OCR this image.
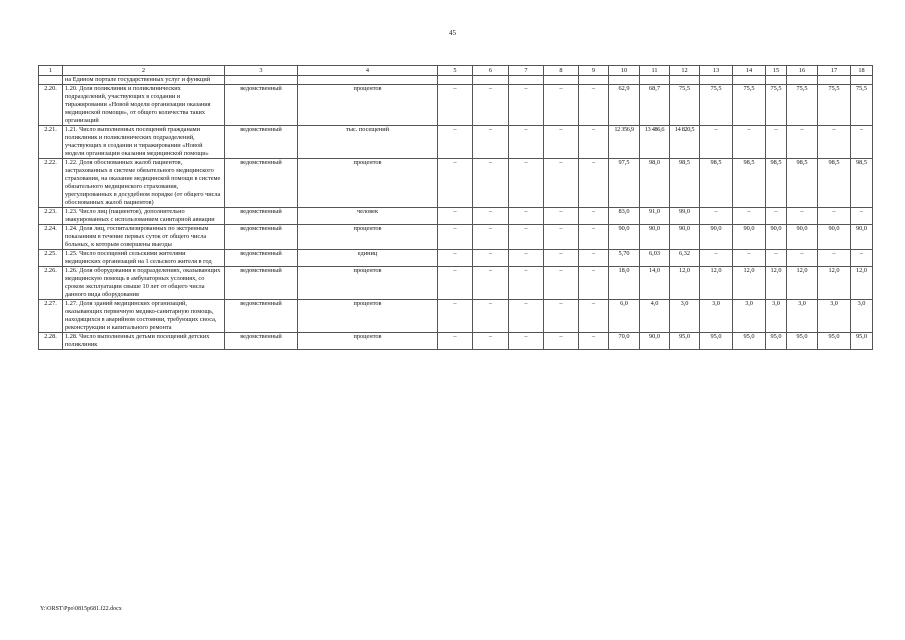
45
1	2	3	4	5	6	7	8	9	10	11	12	13	14	15	16	17	18
	на Едином портале государственных услуг и функций																
2.20.	1.20. Доля поликлиник и поликлинических подразделений, участвующих в создании и тиражировании «Новой модели организации оказания медицинской помощи», от общего количества таких организаций	ведомственный	процентов	–	–	–	–	–	62,9	68,7	75,5	75,5	75,5	75,5	75,5	75,5	75,5
2.21.	1.21. Число выполненных посещений гражданами поликлиник и поликлинических подразделений, участвующих в создании и тиражировании «Новой модели организации оказания медицинской помощи»	ведомственный	тыс. посещений	–	–	–	–	–	12 356,9	13 486,6	14 820,5	–	–	–	–	–	–
2.22.	1.22. Доля обоснованных жалоб пациентов, застрахованных в системе обязательного медицинского страхования, на оказание медицинской помощи в системе обязательного медицинского страхования, урегулированных в досудебном порядке (от общего числа обоснованных жалоб пациентов)	ведомственный	процентов	–	–	–	–	–	97,5	98,0	98,5	98,5	98,5	98,5	98,5	98,5	98,5
2.23.	1.23. Число лиц (пациентов), дополнительно эвакуированных с использованием санитарной авиации	ведомственный	человек	–	–	–	–	–	83,0	91,0	99,0	–	–	–	–	–	–
2.24.	1.24. Доля лиц, госпитализированных по экстренным показаниям в течение первых суток от общего числа больных, к которым совершены выезды	ведомственный	процентов	–	–	–	–	–	90,0	90,0	90,0	90,0	90,0	90,0	90,0	90,0	90,0
2.25.	1.25. Число посещений сельскими жителями медицинских организаций на 1 сельского жителя в год	ведомственный	единиц	–	–	–	–	–	5,70	6,03	6,32	–	–	–	–	–	–
2.26.	1.26. Доля оборудования в подразделениях, оказывающих медицинскую помощь в амбулаторных условиях, со сроком эксплуатации свыше 10 лет от общего числа данного вида оборудования	ведомственный	процентов	–	–	–	–	–	18,0	14,0	12,0	12,0	12,0	12,0	12,0	12,0	12,0
2.27.	1.27. Доля зданий медицинских организаций, оказывающих первичную медико-санитарную помощь, находящихся в аварийном состоянии, требующих сноса, реконструкции и капитального ремонта	ведомственный	процентов	–	–	–	–	–	6,0	4,0	3,0	3,0	3,0	3,0	3,0	3,0	3,0
2.28.	1.28. Число выполненных детьми посещений детских поликлиник	ведомственный	процентов	–	–	–	–	–	70,0	90,0	95,0	95,0	95,0	95,0	95,0	95,0	95,0
Y:\ORST\Ppo\0815p681.f22.docx
